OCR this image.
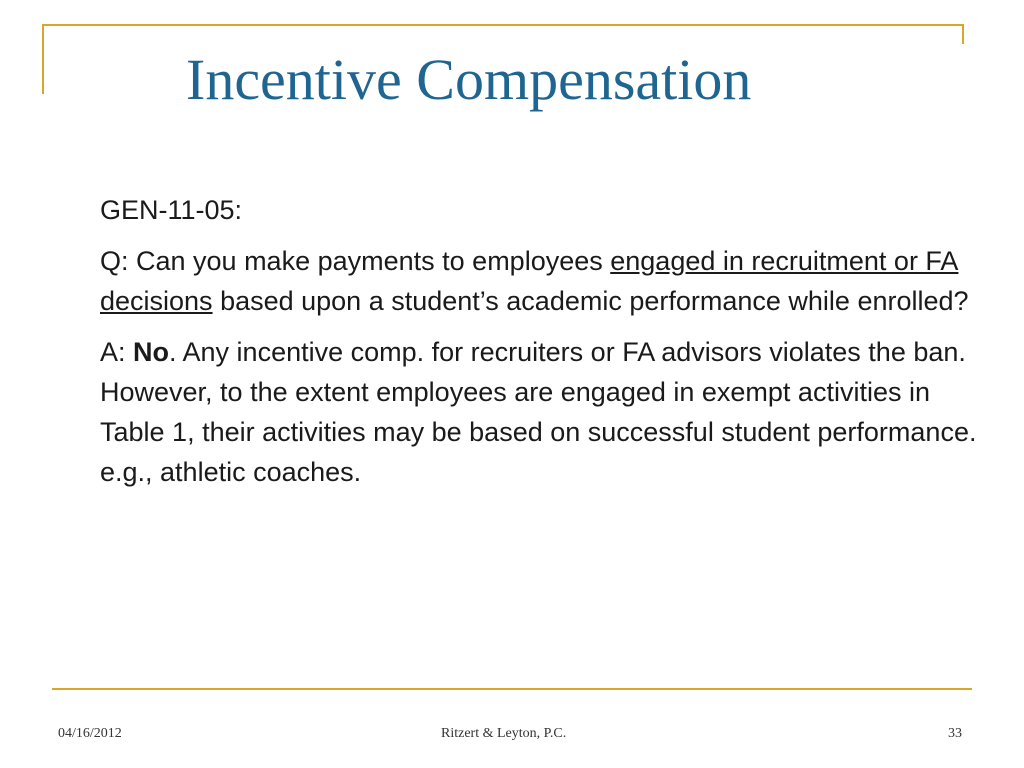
Incentive Compensation

GEN-11-05:

Q: Can you make payments to employees engaged in recruitment or FA decisions based upon a student’s academic performance while enrolled?

A: No. Any incentive comp. for recruiters or FA advisors violates the ban. However, to the extent employees are engaged in exempt activities in Table 1, their activities may be based on successful student performance. e.g., athletic coaches.

04/16/2012	Ritzert & Leyton, P.C.	33
